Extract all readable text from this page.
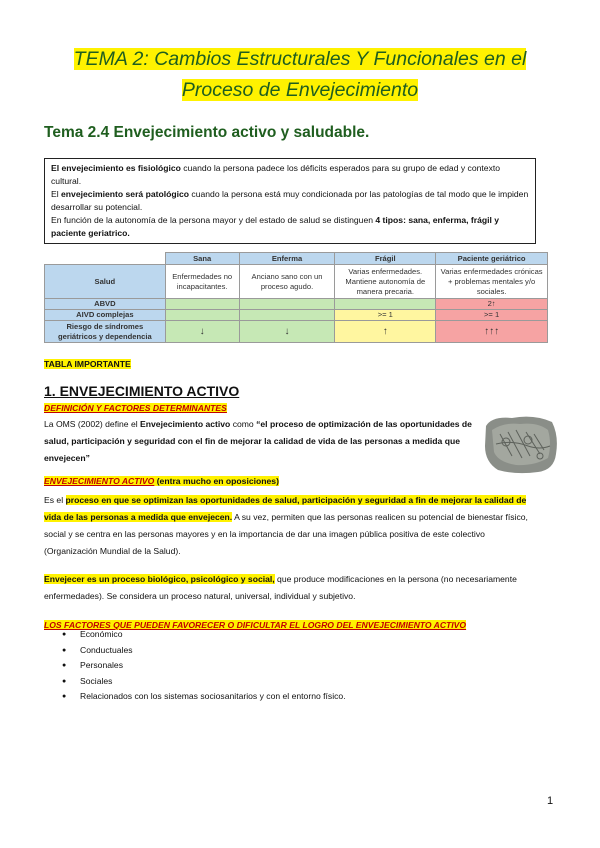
TEMA 2: Cambios Estructurales Y Funcionales en el
Proceso de Envejecimiento
Tema 2.4 Envejecimiento activo y saludable.
El envejecimiento es fisiológico cuando la persona padece los déficits esperados para su grupo de edad y contexto cultural.
El envejecimiento será patológico cuando la persona está muy condicionada por las patologías de tal modo que le impiden desarrollar su potencial.
En función de la autonomía de la persona mayor y del estado de salud se distinguen 4 tipos: sana, enferma, frágil y paciente geriatrico.
	Sana	Enferma	Frágil	Paciente geriátrico
Salud	Enfermedades no incapacitantes.	Anciano sano con un proceso agudo.	Varias enfermedades. Mantiene autonomía de manera precaria.	Varias enfermedades crónicas + problemas mentales y/o sociales.
ABVD				2↑
AIVD complejas			>= 1	>= 1
Riesgo de síndromes geriátricos y dependencia	↓	↓	↑	↑↑↑
TABLA IMPORTANTE
1. ENVEJECIMIENTO ACTIVO
DEFINICIÓN Y FACTORES DETERMINANTES
La OMS (2002) define el Envejecimiento activo como “el proceso de optimización de las oportunidades de salud, participación y seguridad con el fin de mejorar la calidad de vida de las personas a medida que envejecen”
ENVEJECIMIENTO ACTIVO (entra mucho en oposiciones)
Es el proceso en que se optimizan las oportunidades de salud, participación y seguridad a fin de mejorar la calidad de vida de las personas a medida que envejecen. A su vez, permiten que las personas realicen su potencial de bienestar físico, social y se centra en las personas mayores y en la importancia de dar una imagen pública positiva de este colectivo (Organización Mundial de la Salud).
Envejecer es un proceso biológico, psicológico y social, que produce modificaciones en la persona (no necesariamente enfermedades). Se considera un proceso natural, universal, individual y subjetivo.
LOS FACTORES QUE PUEDEN FAVORECER O DIFICULTAR EL LOGRO DEL ENVEJECIMIENTO ACTIVO
● Económico
● Conductuales
● Personales
● Sociales
● Relacionados con los sistemas sociosanitarios y con el entorno físico.
1
